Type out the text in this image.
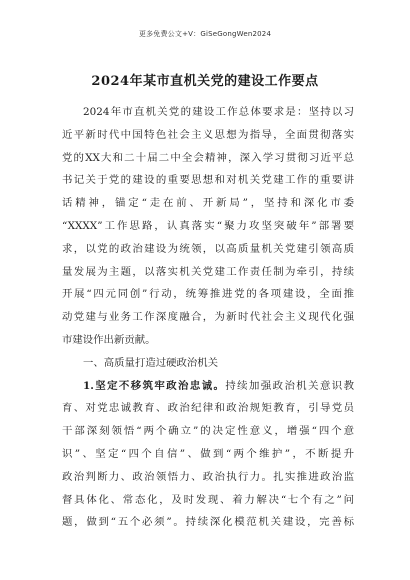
更多免费公文+V：GiSeGongWen2024
2024年某市直机关党的建设工作要点
2024年市直机关党的建设工作总体要求是：坚持以习
近平新时代中国特色社会主义思想为指导，全面贯彻落实
党的XX大和二十届二中全会精神，深入学习贯彻习近平总
书记关于党的建设的重要思想和对机关党建工作的重要讲
话精神，锚定“走在前、开新局”，坚持和深化市委
“XXXX”工作思路，认真落实“聚力攻坚突破年”部署要
求，以党的政治建设为统领，以高质量机关党建引领高质
量发展为主题，以落实机关党建工作责任制为牵引，持续
开展“四元同创”行动，统筹推进党的各项建设，全面推
动党建与业务工作深度融合，为新时代社会主义现代化强
市建设作出新贡献。
一、高质量打造过硬政治机关
1.坚定不移筑牢政治忠诚。持续加强政治机关意识教
育、对党忠诚教育、政治纪律和政治规矩教育，引导党员
干部深刻领悟“两个确立”的决定性意义，增强“四个意
识”、坚定“四个自信”、做到“两个维护”，不断提升
政治判断力、政治领悟力、政治执行力。扎实推进政治监
督具体化、常态化，及时发现、着力解决“七个有之”问
题，做到“五个必须”。持续深化模范机关建设，完善标
